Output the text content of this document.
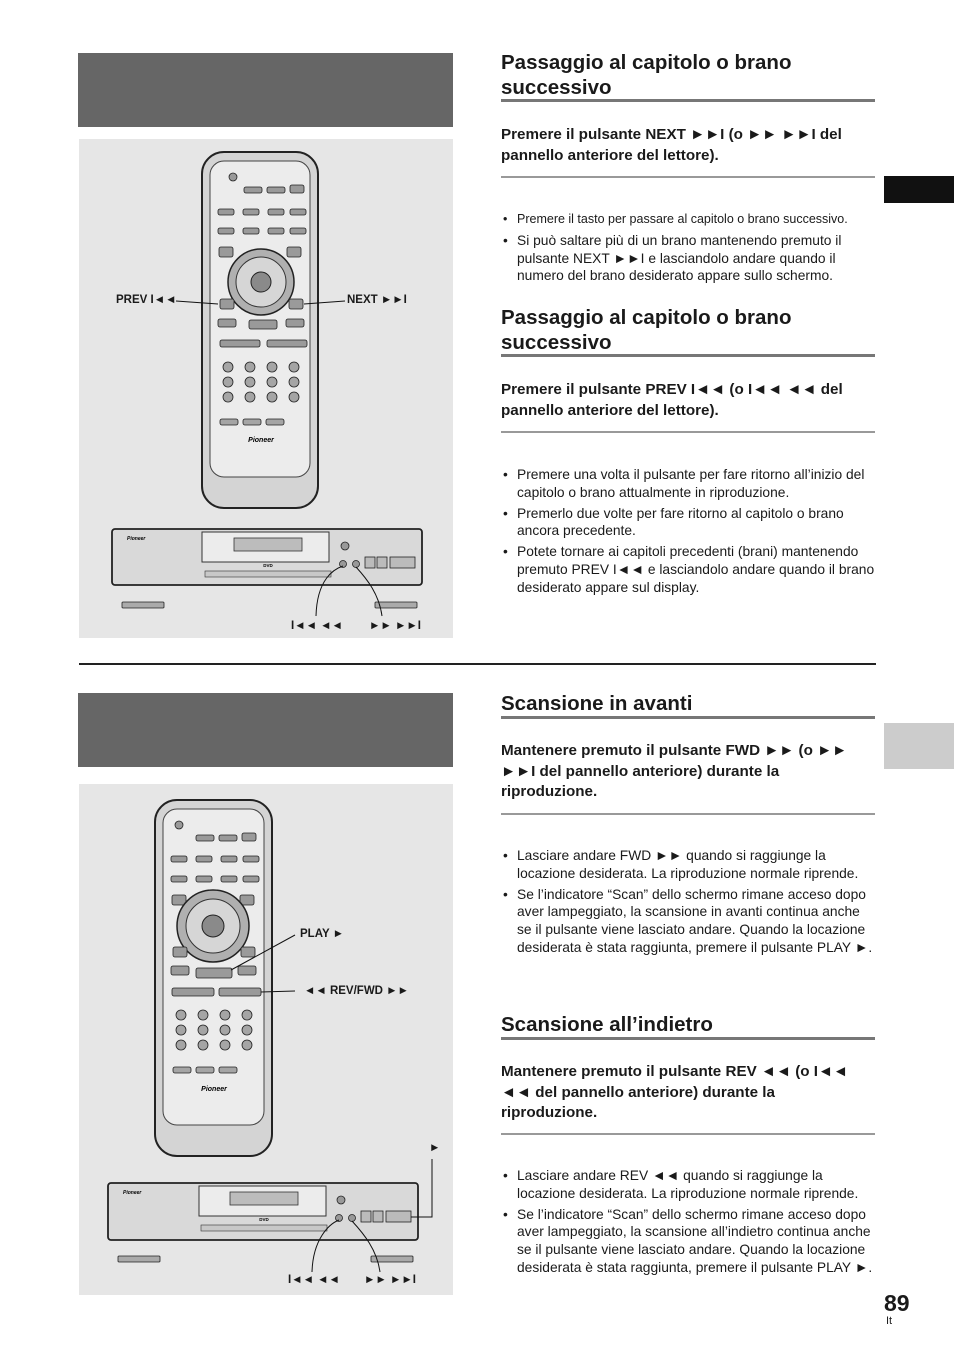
Pioneer
Pioneer
DVD
PREV I◄◄	NEXT ►►I
I◄◄ ◄◄ ►► ►►I
Passaggio al capitolo o brano successivo

Premere il pulsante NEXT ►►I (o ►► ►►I del pannello anteriore del lettore).

• Premere il tasto per passare al capitolo o brano successivo.
• Si può saltare più di un brano mantenendo premuto il pulsante NEXT ►►I e lasciandolo andare quando il numero del brano desiderato appare sullo schermo.
Passaggio al capitolo o brano successivo

Premere il pulsante PREV I◄◄ (o I◄◄ ◄◄ del pannello anteriore del lettore).

• Premere una volta il pulsante per fare ritorno all’inizio del capitolo o brano attualmente in riproduzione.
• Premerlo due volte per fare ritorno al capitolo o brano ancora precedente.
• Potete tornare ai capitoli precedenti (brani) mantenendo premuto PREV I◄◄ e lasciandolo andare quando il brano desiderato appare sul display.
Pioneer
Pioneer
DVD
PLAY ►
◄◄ REV/FWD ►►
►
I◄◄ ◄◄ ►► ►►I
Scansione in avanti

Mantenere premuto il pulsante FWD ►► (o ►► ►►I del pannello anteriore) durante la riproduzione.

• Lasciare andare FWD ►► quando si raggiunge la locazione desiderata. La riproduzione normale riprende.
• Se l’indicatore “Scan” dello schermo rimane acceso dopo aver lampeggiato, la scansione in avanti continua anche se il pulsante viene lasciato andare. Quando la locazione desiderata è stata raggiunta, premere il pulsante PLAY ►.
Scansione all’indietro

Mantenere premuto il pulsante REV ◄◄ (o I◄◄ ◄◄ del pannello anteriore) durante la riproduzione.

• Lasciare andare REV ◄◄ quando si raggiunge la locazione desiderata. La riproduzione normale riprende.
• Se l’indicatore “Scan” dello schermo rimane acceso dopo aver lampeggiato, la scansione all’indietro continua anche se il pulsante viene lasciato andare. Quando la locazione desiderata è stata raggiunta, premere il pulsante PLAY ►.
89
It
